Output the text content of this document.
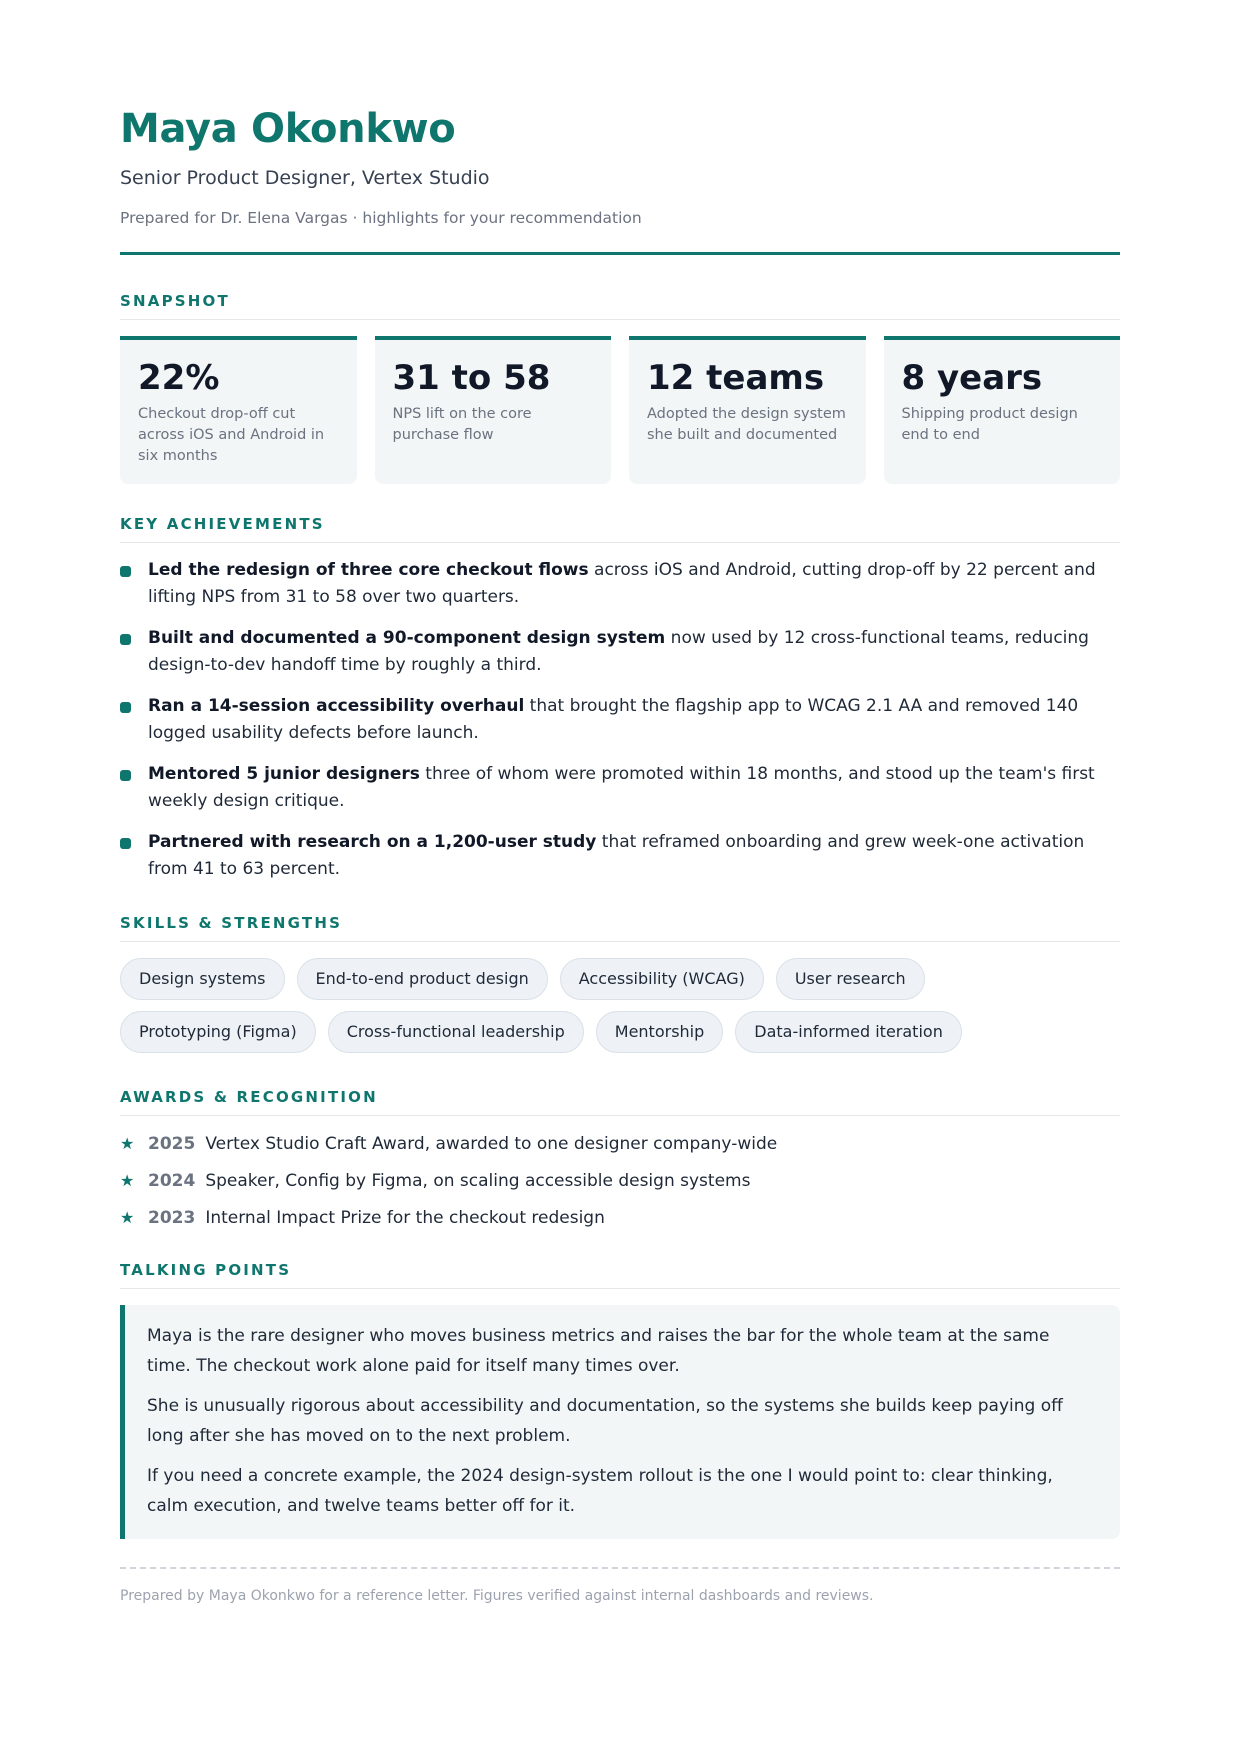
Maya Okonkwo
Senior Product Designer, Vertex Studio
Prepared for Dr. Elena Vargas · highlights for your recommendation
SNAPSHOT
22%
Checkout drop-off cut across iOS and Android in six months
31 to 58
NPS lift on the core purchase flow
12 teams
Adopted the design system she built and documented
8 years
Shipping product design end to end
KEY ACHIEVEMENTS
Led the redesign of three core checkout flows across iOS and Android, cutting drop-off by 22 percent and lifting NPS from 31 to 58 over two quarters.
Built and documented a 90-component design system now used by 12 cross-functional teams, reducing design-to-dev handoff time by roughly a third.
Ran a 14-session accessibility overhaul that brought the flagship app to WCAG 2.1 AA and removed 140 logged usability defects before launch.
Mentored 5 junior designers three of whom were promoted within 18 months, and stood up the team's first weekly design critique.
Partnered with research on a 1,200-user study that reframed onboarding and grew week-one activation from 41 to 63 percent.
SKILLS & STRENGTHS
Design systems	End-to-end product design	Accessibility (WCAG)	User research
Prototyping (Figma)	Cross-functional leadership	Mentorship	Data-informed iteration
AWARDS & RECOGNITION
★ 2025 Vertex Studio Craft Award, awarded to one designer company-wide
★ 2024 Speaker, Config by Figma, on scaling accessible design systems
★ 2023 Internal Impact Prize for the checkout redesign
TALKING POINTS

Maya is the rare designer who moves business metrics and raises the bar for the whole team at the same time. The checkout work alone paid for itself many times over.

She is unusually rigorous about accessibility and documentation, so the systems she builds keep paying off long after she has moved on to the next problem.

If you need a concrete example, the 2024 design-system rollout is the one I would point to: clear thinking, calm execution, and twelve teams better off for it.

Prepared by Maya Okonkwo for a reference letter. Figures verified against internal dashboards and reviews.
